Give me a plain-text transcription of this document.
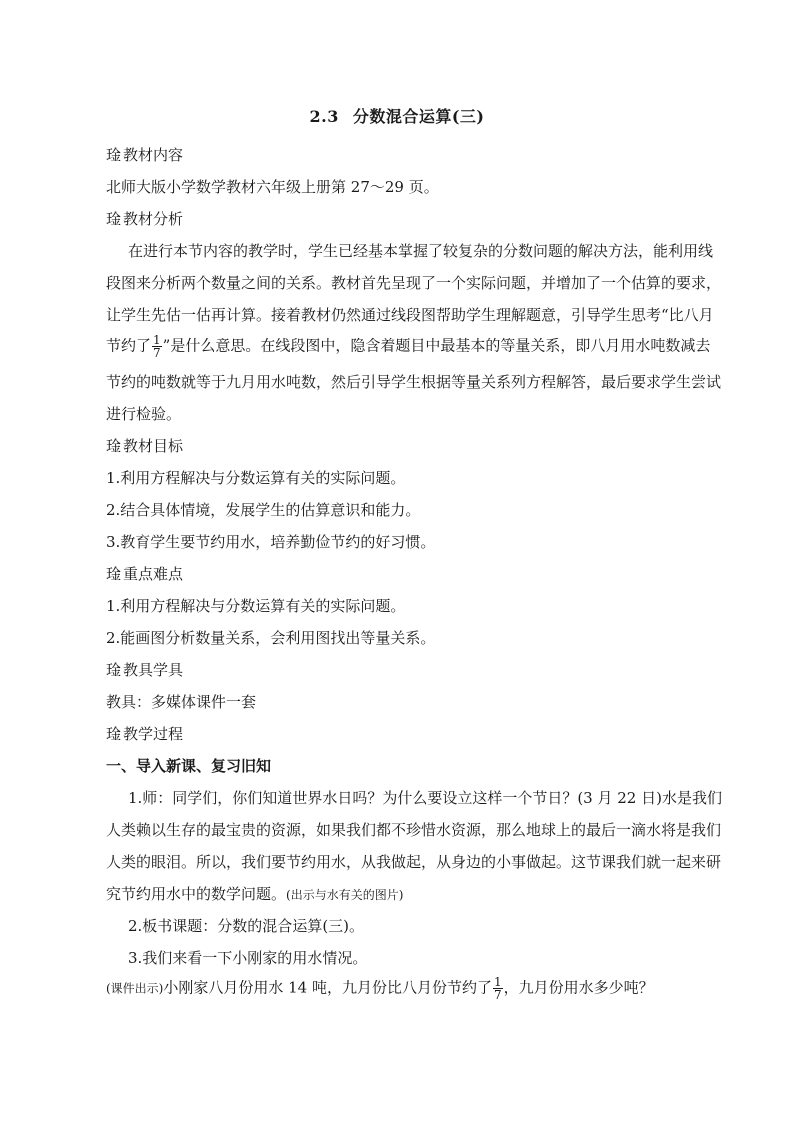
2.3 分数混合运算(三)
琻 教材内容
北师大版小学数学教材六年级上册第 27～29 页。
琻 教材分析
在进行本节内容的教学时，学生已经基本掌握了较复杂的分数问题的解决方法，能利用线
段图来分析两个数量之间的关系。教材首先呈现了一个实际问题，并增加了一个估算的要求，
让学生先估一估再计算。接着教材仍然通过线段图帮助学生理解题意，引导学生思考“比八月
节约了 $\frac{1}{7}$ ”是什么意思。在线段图中，隐含着题目中最基本的等量关系，即八月用水吨数减去
节约的吨数就等于九月用水吨数，然后引导学生根据等量关系列方程解答，最后要求学生尝试
进行检验。
琻 教材目标
1.利用方程解决与分数运算有关的实际问题。
2.结合具体情境，发展学生的估算意识和能力。
3.教育学生要节约用水，培养勤俭节约的好习惯。
琻 重点难点
1.利用方程解决与分数运算有关的实际问题。
2.能画图分析数量关系，会利用图找出等量关系。
琻 教具学具
教具：多媒体课件一套
琻 教学过程
一、导入新课、复习旧知
1.师：同学们，你们知道世界水日吗？为什么要设立这样一个节日？(3 月 22 日)水是我们
人类赖以生存的最宝贵的资源，如果我们都不珍惜水资源，那么地球上的最后一滴水将是我们
人类的眼泪。所以，我们要节约用水，从我做起，从身边的小事做起。这节课我们就一起来研
究节约用水中的数学问题。(出示与水有关的图片)
2.板书课题：分数的混合运算(三)。
3.我们来看一下小刚家的用水情况。
(课件出示)小刚家八月份用水 14 吨，九月份比八月份节约了 $\frac{1}{7}$ ，九月份用水多少吨？
